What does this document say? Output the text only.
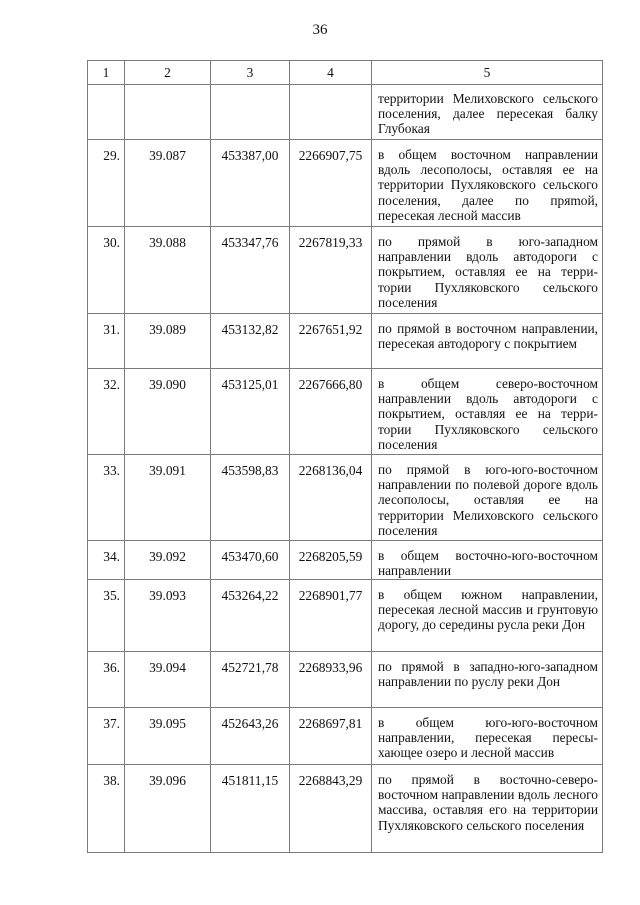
36
1	2	3	4	5
				территории Мелиховского сельского поселения, далее пересекая балку Глубокая
29.	39.087	453387,00	2266907,75	в общем восточном направлении вдоль лесополосы, оставляя ее на территории Пухляковского сельского поселения, далее по пряmой, пересекая лесной массив
30.	39.088	453347,76	2267819,33	по прямой в юго-западном направлении вдоль автодороги с покрытием, оставляя ее на территории Пухляковского сельского поселения
31.	39.089	453132,82	2267651,92	по прямой в восточном направлении, пересекая автодорогу с покрытием
32.	39.090	453125,01	2267666,80	в общем северо-восточном направлении вдоль автодороги с покрытием, оставляя ее на территории Пухляковского сельского поселения
33.	39.091	453598,83	2268136,04	по прямой в юго-юго-восточном направлении по полевой дороге вдоль лесополосы, оставляя ее на территории Мелиховского сельского поселения
34.	39.092	453470,60	2268205,59	в общем восточно-юго-восточном направлении
35.	39.093	453264,22	2268901,77	в общем южном направлении, пересекая лесной массив и грунтовую дорогу, до середины русла реки Дон
36.	39.094	452721,78	2268933,96	по прямой в западно-юго-западном направлении по руслу реки Дон
37.	39.095	452643,26	2268697,81	в общем юго-юго-восточном направлении, пересекая пересыхающее озеро и лесной массив
38.	39.096	451811,15	2268843,29	по прямой в восточно-северовосточном направлении вдоль лесного массива, оставляя его на территории Пухляковского сельского поселения
